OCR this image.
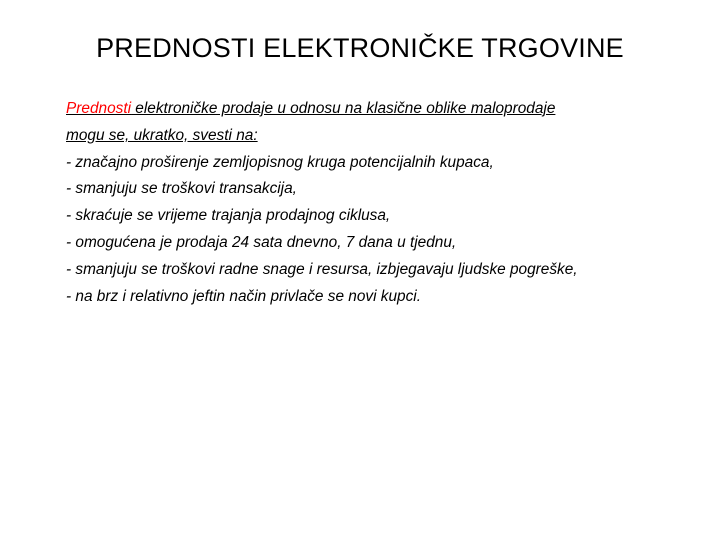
PREDNOSTI ELEKTRONIČKE TRGOVINE
Prednosti elektroničke prodaje u odnosu na klasične oblike maloprodaje
mogu se, ukratko, svesti na:
- značajno proširenje zemljopisnog kruga potencijalnih kupaca,
- smanjuju se troškovi transakcija,
- skraćuje se vrijeme trajanja prodajnog ciklusa,
- omogućena je prodaja 24 sata dnevno, 7 dana u tjednu,
- smanjuju se troškovi radne snage i resursa, izbjegavaju ljudske pogreške,
- na brz i relativno jeftin način privlače se novi kupci.
